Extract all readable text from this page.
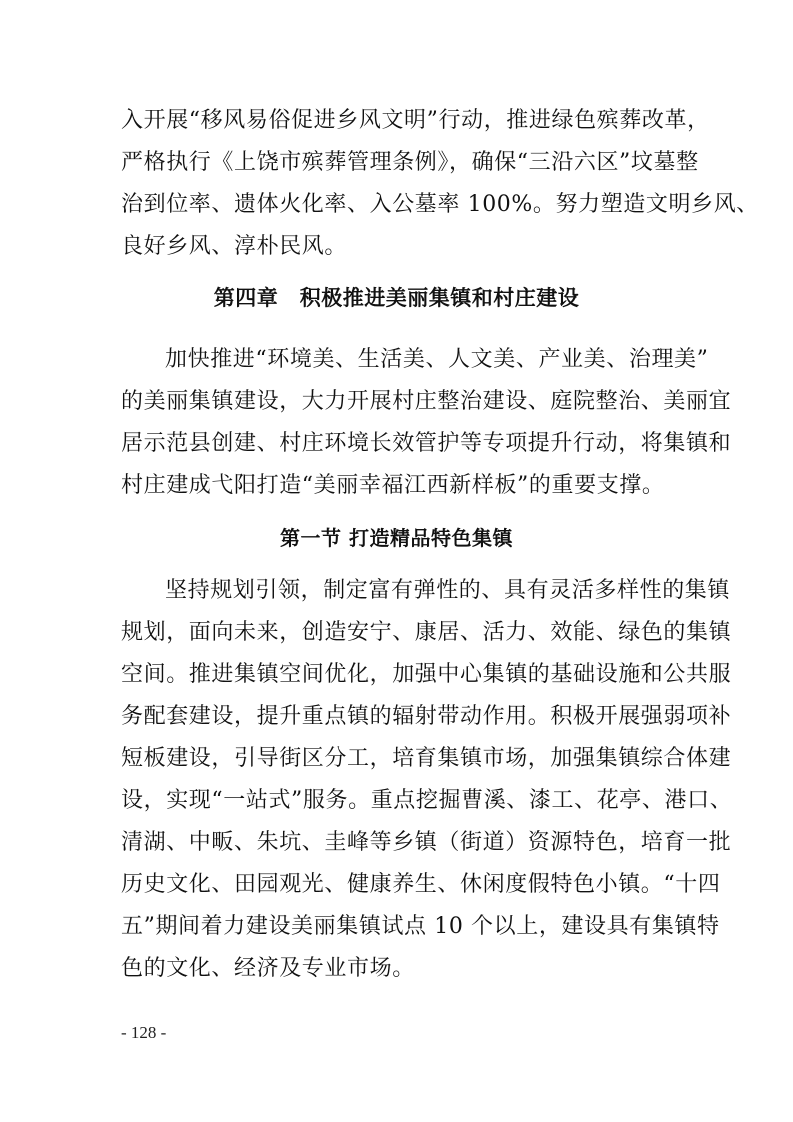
入开展“移风易俗促进乡风文明”行动，推进绿色殡葬改革，
严格执行《上饶市殡葬管理条例》，确保“三沿六区”坟墓整
治到位率、遗体火化率、入公墓率 100%。努力塑造文明乡风、
良好乡风、淳朴民风。
第四章　积极推进美丽集镇和村庄建设
加快推进“环境美、生活美、人文美、产业美、治理美”
的美丽集镇建设，大力开展村庄整治建设、庭院整治、美丽宜
居示范县创建、村庄环境长效管护等专项提升行动，将集镇和
村庄建成弋阳打造“美丽幸福江西新样板”的重要支撑。
第一节 打造精品特色集镇
坚持规划引领，制定富有弹性的、具有灵活多样性的集镇
规划，面向未来，创造安宁、康居、活力、效能、绿色的集镇
空间。推进集镇空间优化，加强中心集镇的基础设施和公共服
务配套建设，提升重点镇的辐射带动作用。积极开展强弱项补
短板建设，引导街区分工，培育集镇市场，加强集镇综合体建
设，实现“一站式”服务。重点挖掘曹溪、漆工、花亭、港口、
清湖、中畈、朱坑、圭峰等乡镇（街道）资源特色，培育一批
历史文化、田园观光、健康养生、休闲度假特色小镇。“十四
五”期间着力建设美丽集镇试点 10 个以上，建设具有集镇特
色的文化、经济及专业市场。
- 128 -
